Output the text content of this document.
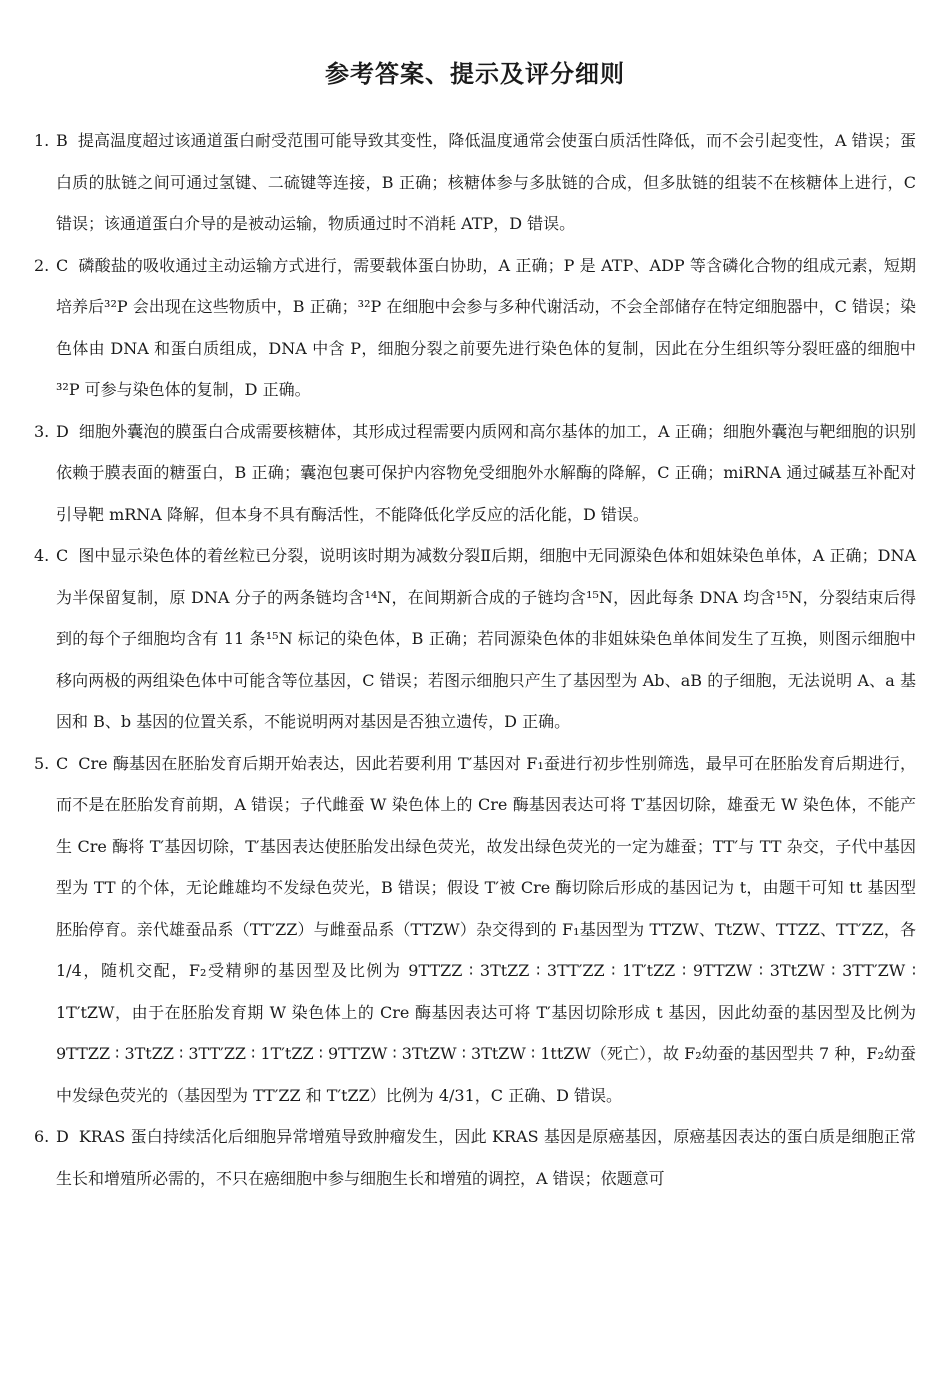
参考答案、提示及评分细则
1. B 提高温度超过该通道蛋白耐受范围可能导致其变性，降低温度通常会使蛋白质活性降低，而不会引起变性，A 错误；蛋白质的肽链之间可通过氢键、二硫键等连接，B 正确；核糖体参与多肽链的合成，但多肽链的组装不在核糖体上进行，C 错误；该通道蛋白介导的是被动运输，物质通过时不消耗 ATP，D 错误。
2. C 磷酸盐的吸收通过主动运输方式进行，需要载体蛋白协助，A 正确；P 是 ATP、ADP 等含磷化合物的组成元素，短期培养后³²P 会出现在这些物质中，B 正确；³²P 在细胞中会参与多种代谢活动，不会全部储存在特定细胞器中，C 错误；染色体由 DNA 和蛋白质组成，DNA 中含 P，细胞分裂之前要先进行染色体的复制，因此在分生组织等分裂旺盛的细胞中³²P 可参与染色体的复制，D 正确。
3. D 细胞外囊泡的膜蛋白合成需要核糖体，其形成过程需要内质网和高尔基体的加工，A 正确；细胞外囊泡与靶细胞的识别依赖于膜表面的糖蛋白，B 正确；囊泡包裹可保护内容物免受细胞外水解酶的降解，C 正确；miRNA 通过碱基互补配对引导靶 mRNA 降解，但本身不具有酶活性，不能降低化学反应的活化能，D 错误。
4. C 图中显示染色体的着丝粒已分裂，说明该时期为减数分裂Ⅱ后期，细胞中无同源染色体和姐妹染色单体，A 正确；DNA 为半保留复制，原 DNA 分子的两条链均含¹⁴N，在间期新合成的子链均含¹⁵N，因此每条 DNA 均含¹⁵N，分裂结束后得到的每个子细胞均含有 11 条¹⁵N 标记的染色体，B 正确；若同源染色体的非姐妹染色单体间发生了互换，则图示细胞中移向两极的两组染色体中可能含等位基因，C 错误；若图示细胞只产生了基因型为 Ab、aB 的子细胞，无法说明 A、a 基因和 B、b 基因的位置关系，不能说明两对基因是否独立遗传，D 正确。
5. C Cre 酶基因在胚胎发育后期开始表达，因此若要利用 T′基因对 F₁蚕进行初步性别筛选，最早可在胚胎发育后期进行，而不是在胚胎发育前期，A 错误；子代雌蚕 W 染色体上的 Cre 酶基因表达可将 T′基因切除，雄蚕无 W 染色体，不能产生 Cre 酶将 T′基因切除，T′基因表达使胚胎发出绿色荧光，故发出绿色荧光的一定为雄蚕；TT′与 TT 杂交，子代中基因型为 TT 的个体，无论雌雄均不发绿色荧光，B 错误；假设 T′被 Cre 酶切除后形成的基因记为 t，由题干可知 tt 基因型胚胎停育。亲代雄蚕品系（TT′ZZ）与雌蚕品系（TTZW）杂交得到的 F₁基因型为 TTZW、TtZW、TTZZ、TT′ZZ，各 1/4，随机交配，F₂受精卵的基因型及比例为 9TTZZ ∶ 3TtZZ ∶ 3TT′ZZ ∶ 1T′tZZ ∶ 9TTZW ∶ 3TtZW ∶ 3TT′ZW ∶ 1T′tZW，由于在胚胎发育期 W 染色体上的 Cre 酶基因表达可将 T′基因切除形成 t 基因，因此幼蚕的基因型及比例为 9TTZZ ∶ 3TtZZ ∶ 3TT′ZZ ∶ 1T′tZZ ∶ 9TTZW ∶ 3TtZW ∶ 3TtZW ∶ 1ttZW（死亡），故 F₂幼蚕的基因型共 7 种，F₂幼蚕中发绿色荧光的（基因型为 TT′ZZ 和 T′tZZ）比例为 4/31，C 正确、D 错误。
6. D KRAS 蛋白持续活化后细胞异常增殖导致肿瘤发生，因此 KRAS 基因是原癌基因，原癌基因表达的蛋白质是细胞正常生长和增殖所必需的，不只在癌细胞中参与细胞生长和增殖的调控，A 错误；依题意可
